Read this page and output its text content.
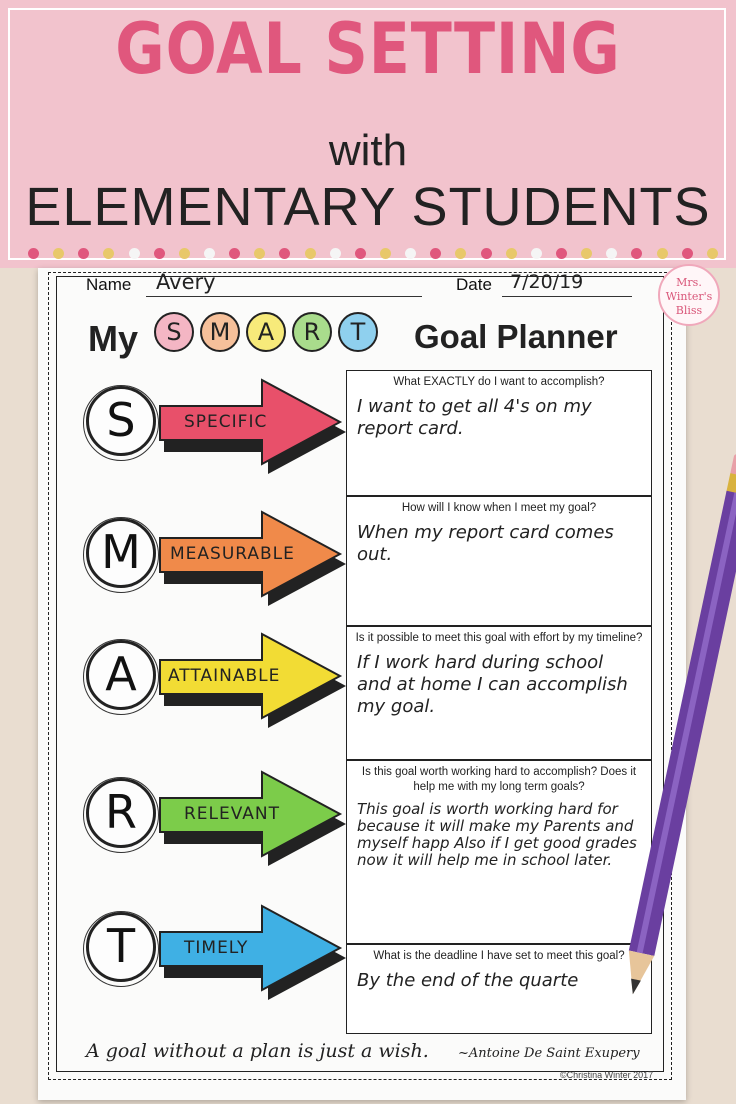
GOAL SETTING
with
ELEMENTARY STUDENTS
Name Avery	Date 7/20/19	Mrs. Winter's Bliss
My	S	M	A	R	T	Goal Planner
S	SPECIFIC
What EXACTLY do I want to accomplish?
I want to get all 4's on my report card.
M	MEASURABLE
How will I know when I meet my goal?
When my report card comes out.
A	ATTAINABLE
Is it possible to meet this goal with effort by my timeline?
If I work hard during school and at home I can accomplish my goal.
R	RELEVANT
Is this goal worth working hard to accomplish? Does it help me with my long term goals?
This goal is worth working hard for because it will make my Parents and myself happ Also if I get good grades now it will help me in school later.
T	TIMELY	What is the deadline I have set to meet this goal?
By the end of the quarte
A goal without a plan is just a wish. ~Antoine De Saint Exupery
©Christina Winter 2017
